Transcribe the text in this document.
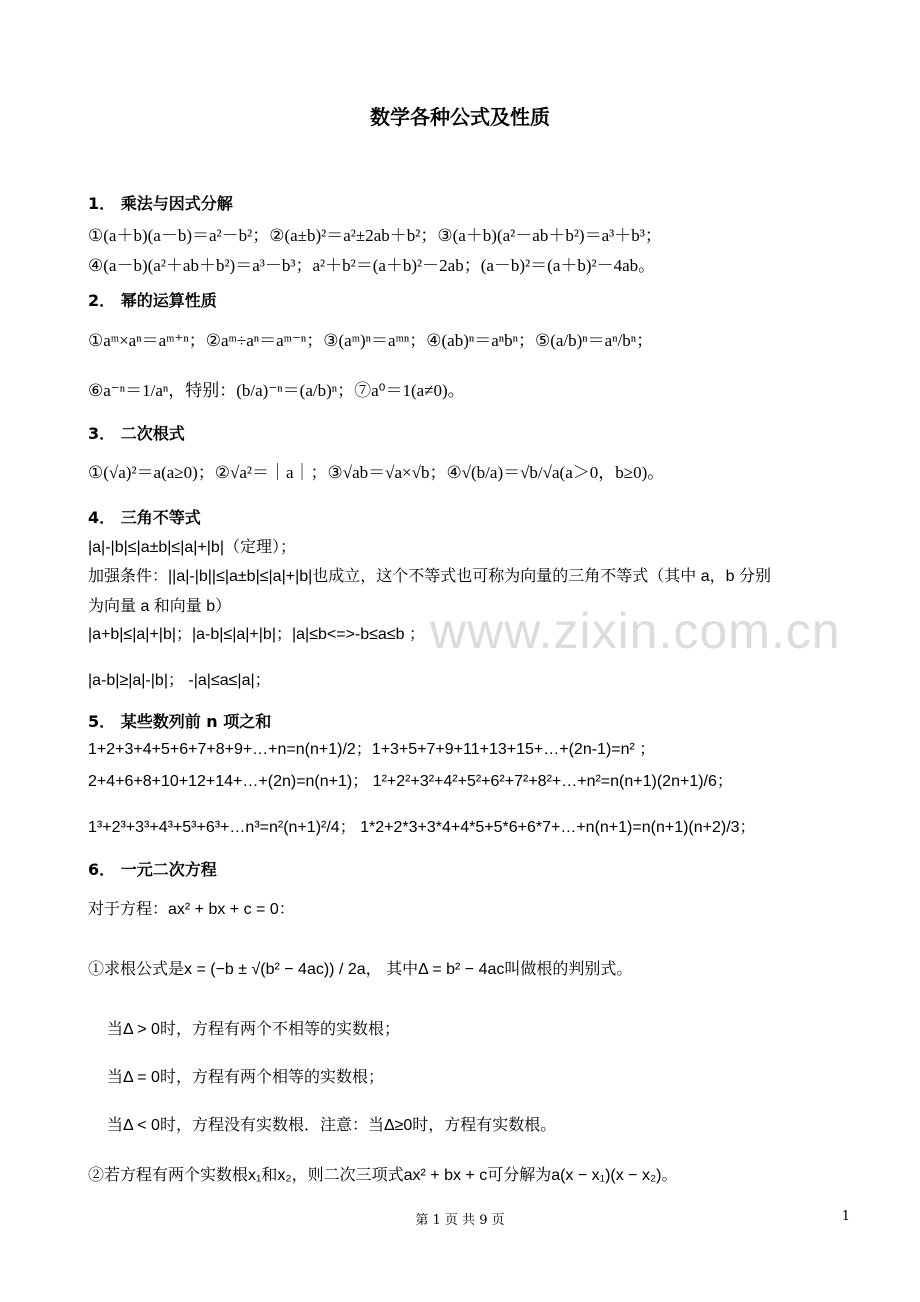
www.zixin.com.cn
数学各种公式及性质
1． 乘法与因式分解
①(a＋b)(a－b)＝a²－b²；②(a±b)²＝a²±2ab＋b²；③(a＋b)(a²－ab＋b²)＝a³＋b³；
④(a－b)(a²＋ab＋b²)＝a³－b³；a²＋b²＝(a＋b)²－2ab；(a－b)²＝(a＋b)²－4ab。
2． 幂的运算性质
①aᵐ×aⁿ＝aᵐ⁺ⁿ；②aᵐ÷aⁿ＝aᵐ⁻ⁿ；③(aᵐ)ⁿ＝aᵐⁿ；④(ab)ⁿ＝aⁿbⁿ；⑤(a/b)ⁿ＝aⁿ/bⁿ；
⑥a⁻ⁿ＝1/aⁿ，特别：(b/a)⁻ⁿ＝(a/b)ⁿ；⑦a⁰＝1(a≠0)。
3． 二次根式
①(√a)²＝a(a≥0)；②√a²＝｜a｜；③√ab＝√a×√b；④√(b/a)＝√b/√a(a＞0，b≥0)。
4． 三角不等式
|a|-|b|≤|a±b|≤|a|+|b|（定理）；
加强条件：||a|-|b||≤|a±b|≤|a|+|b|也成立，这个不等式也可称为向量的三角不等式（其中 a，b 分别
为向量 a 和向量 b）
|a+b|≤|a|+|b|；|a-b|≤|a|+|b|；|a|≤b<=>-b≤a≤b ；
|a-b|≥|a|-|b|； -|a|≤a≤|a|；
5． 某些数列前 n 项之和
1+2+3+4+5+6+7+8+9+…+n=n(n+1)/2；1+3+5+7+9+11+13+15+…+(2n-1)=n² ；
2+4+6+8+10+12+14+…+(2n)=n(n+1)； 1²+2²+3²+4²+5²+6²+7²+8²+…+n²=n(n+1)(2n+1)/6；
1³+2³+3³+4³+5³+6³+…n³=n²(n+1)²/4； 1*2+2*3+3*4+4*5+5*6+6*7+…+n(n+1)=n(n+1)(n+2)/3；
6． 一元二次方程
对于方程：ax² + bx + c = 0：
①求根公式是x = (−b ± √(b² − 4ac)) / 2a， 其中Δ = b² − 4ac叫做根的判别式。
当Δ > 0时，方程有两个不相等的实数根；
当Δ = 0时，方程有两个相等的实数根；
当Δ < 0时，方程没有实数根．注意：当Δ≥0时，方程有实数根。
②若方程有两个实数根x₁和x₂，则二次三项式ax² + bx + c可分解为a(x − x₁)(x − x₂)。
第 1 页 共 9 页	1
